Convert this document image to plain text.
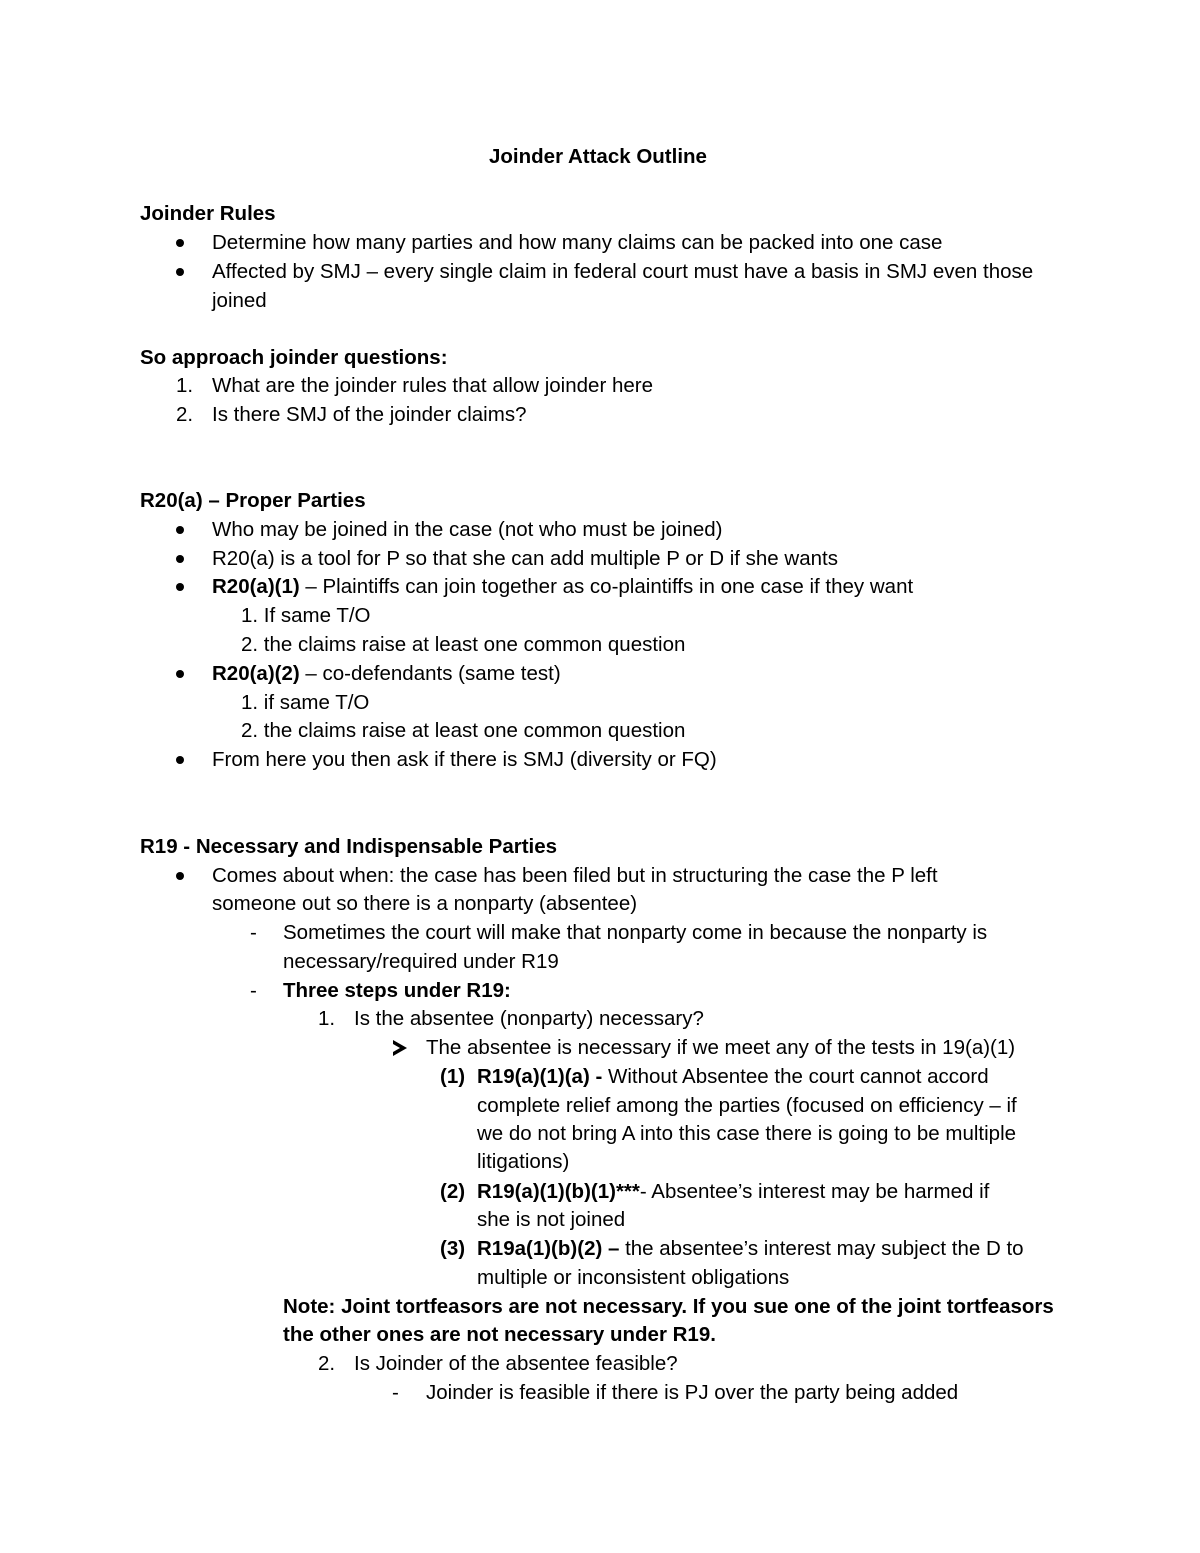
Joinder Attack Outline
Joinder Rules
Determine how many parties and how many claims can be packed into one case
Affected by SMJ – every single claim in federal court must have a basis in SMJ even those
joined
So approach joinder questions:
1. What are the joinder rules that allow joinder here
2. Is there SMJ of the joinder claims?
R20(a) – Proper Parties
Who may be joined in the case (not who must be joined)
R20(a) is a tool for P so that she can add multiple P or D if she wants
R20(a)(1) – Plaintiffs can join together as co-plaintiffs in one case if they want
1. If same T/O
2. the claims raise at least one common question
R20(a)(2) – co-defendants (same test)
1. if same T/O
2. the claims raise at least one common question
From here you then ask if there is SMJ (diversity or FQ)
R19 - Necessary and Indispensable Parties
Comes about when: the case has been filed but in structuring the case the P left
someone out so there is a nonparty (absentee)
- Sometimes the court will make that nonparty come in because the nonparty is
necessary/required under R19
- Three steps under R19:
1. Is the absentee (nonparty) necessary?
The absentee is necessary if we meet any of the tests in 19(a)(1)
(1) R19(a)(1)(a) - Without Absentee the court cannot accord
complete relief among the parties (focused on efficiency – if
we do not bring A into this case there is going to be multiple
litigations)
(2) R19(a)(1)(b)(1)***- Absentee’s interest may be harmed if
she is not joined
(3) R19a(1)(b)(2) – the absentee’s interest may subject the D to
multiple or inconsistent obligations
Note: Joint tortfeasors are not necessary. If you sue one of the joint tortfeasors
the other ones are not necessary under R19.
2. Is Joinder of the absentee feasible?
- Joinder is feasible if there is PJ over the party being added
